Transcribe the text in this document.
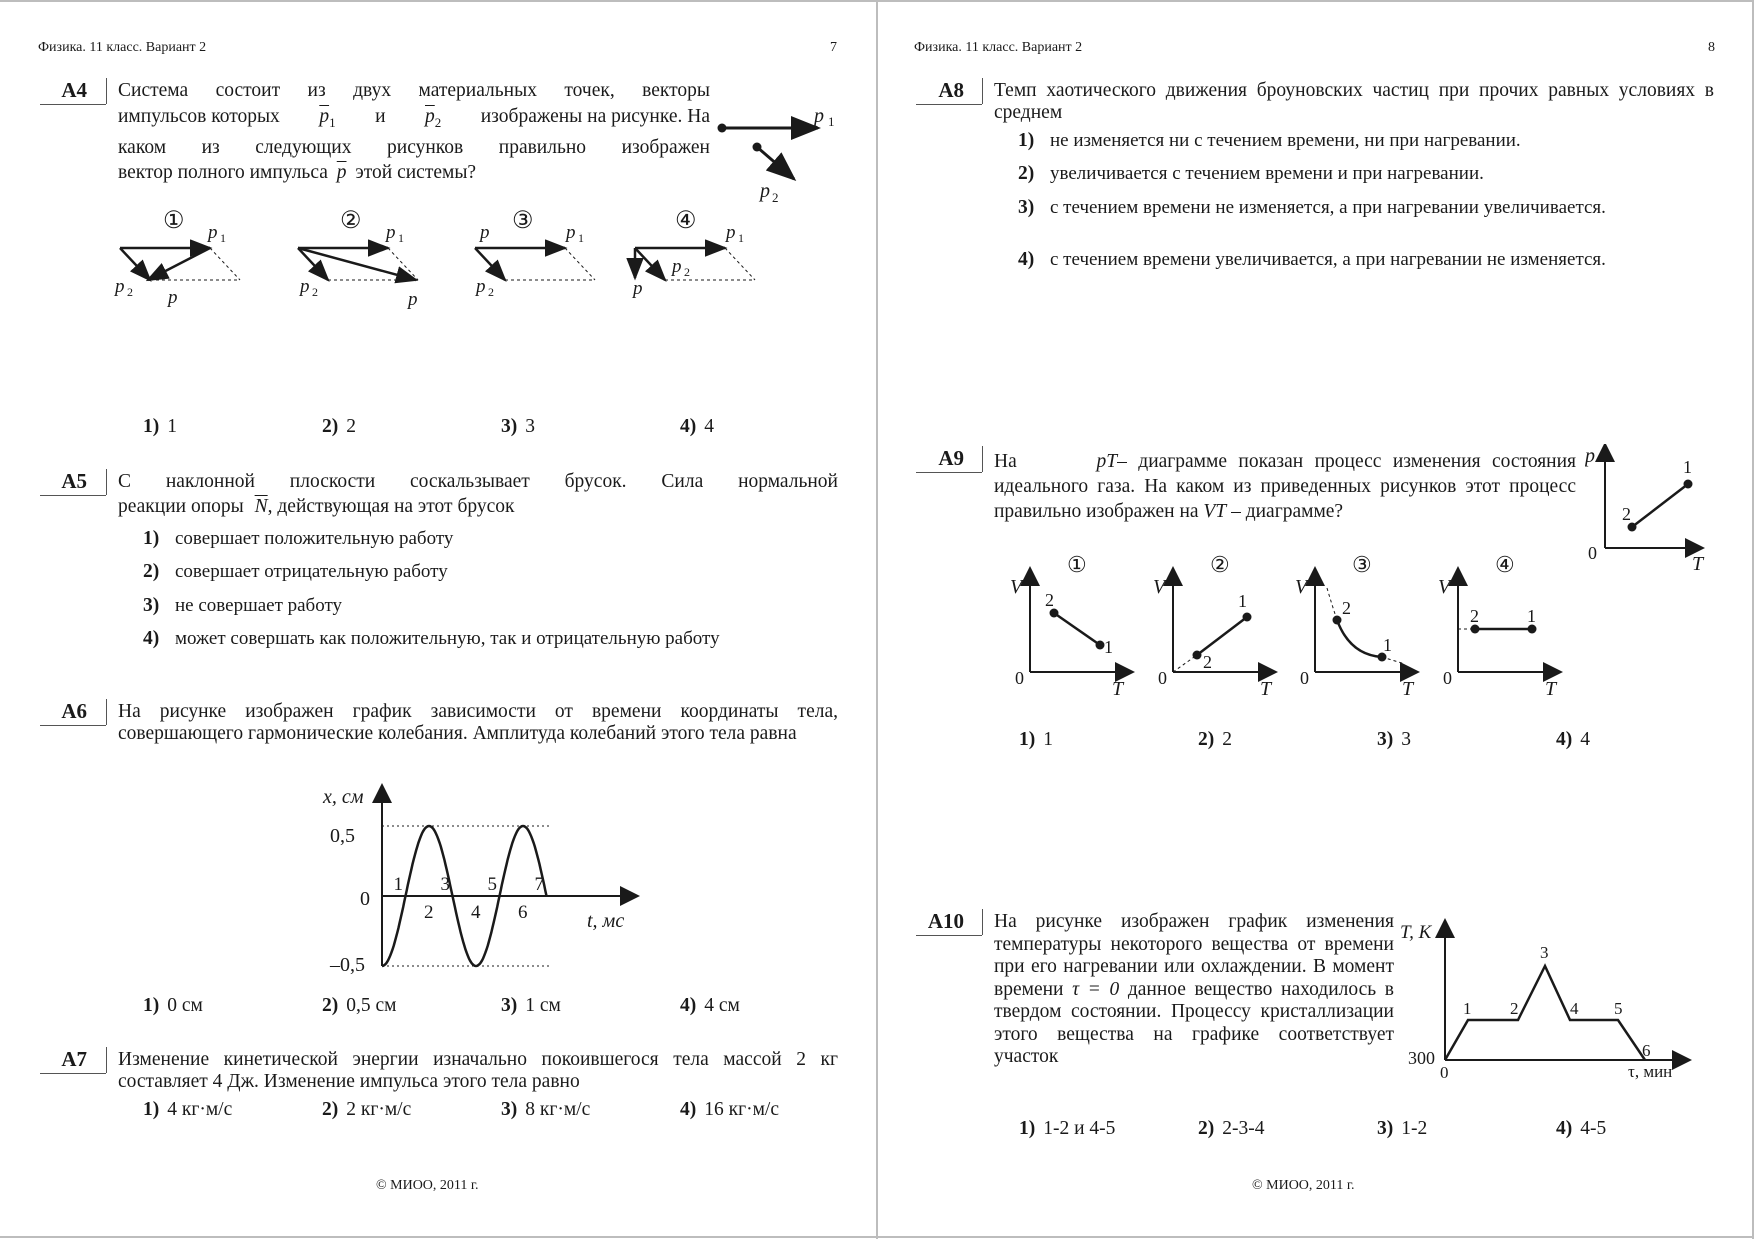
Физика. 11 класс. Вариант 2	7
А4 Система состоит из двух материальных точек, векторы
импульсов которых $\overline{p}_1$ и $\overline{p}_2$ изображены на рисунке. На
каком из следующих рисунков правильно изображен
вектор полного импульса $\overline{p}$ этой системы?
p 1
p 2
① p 1
p 2 p
② p 1
p 2	p
③ p 1
p
p 2
④ p 1
p 2
p
1) 1	2) 2	3) 3	4) 4
А5 С наклонной плоскости соскальзывает брусок. Сила нормальной
реакции опоры $\overline{N}$, действующая на этот брусок
1) совершает положительную работу
2) совершает отрицательную работу
3) не совершает работу
4) может совершать как положительную, так и отрицательную работу
А6 На рисунке изображен график зависимости от времени координаты тела, совершающего гармонические колебания. Амплитуда колебаний этого тела равна
1
2
3
4
5
6
7
x, см
0,5
0
–0,5
t, мс
1) 0 см	2) 0,5 см	3) 1 см	4) 4 см
А7 Изменение кинетической энергии изначально покоившегося тела массой 2 кг составляет 4 Дж. Изменение импульса этого тела равно
1) 4 кг·м/с	2) 2 кг·м/с	3) 8 кг·м/с	4) 16 кг·м/с
© МИОО, 2011 г.
Физика. 11 класс. Вариант 2	8
А8 Темп хаотического движения броуновских частиц при прочих равных условиях в среднем
1) не изменяется ни с течением времени, ни при нагревании.
2) увеличивается с течением времени и при нагревании.
3) с течением времени не изменяется, а при нагревании увеличивается.
4) с течением времени увеличивается, а при нагревании не изменяется.
А9 На	pT– диаграмме показан процесс изменения состояния идеального газа. На каком из приведенных рисунков этот процесс правильно изображен на VT – диаграмме?
p
T
0
1
2
①
V
T
0
2
1
②
V
T
0
2
1
③
V
T
0
2
1
④
V
T
0
2	1
1) 1	2) 2	3) 3	4) 4
А10 На рисунке изображен график изменения температуры некоторого вещества от времени при его нагревании или охлаждении. В момент времени τ = 0 данное вещество находилось в твердом состоянии. Процессу кристаллизации этого вещества на графике соответствует участок
T, К
τ, мин
300
0
1 2
3
4 5
6
1) 1-2 и 4-5	2) 2-3-4	3) 1-2	4) 4-5
© МИОО, 2011 г.
